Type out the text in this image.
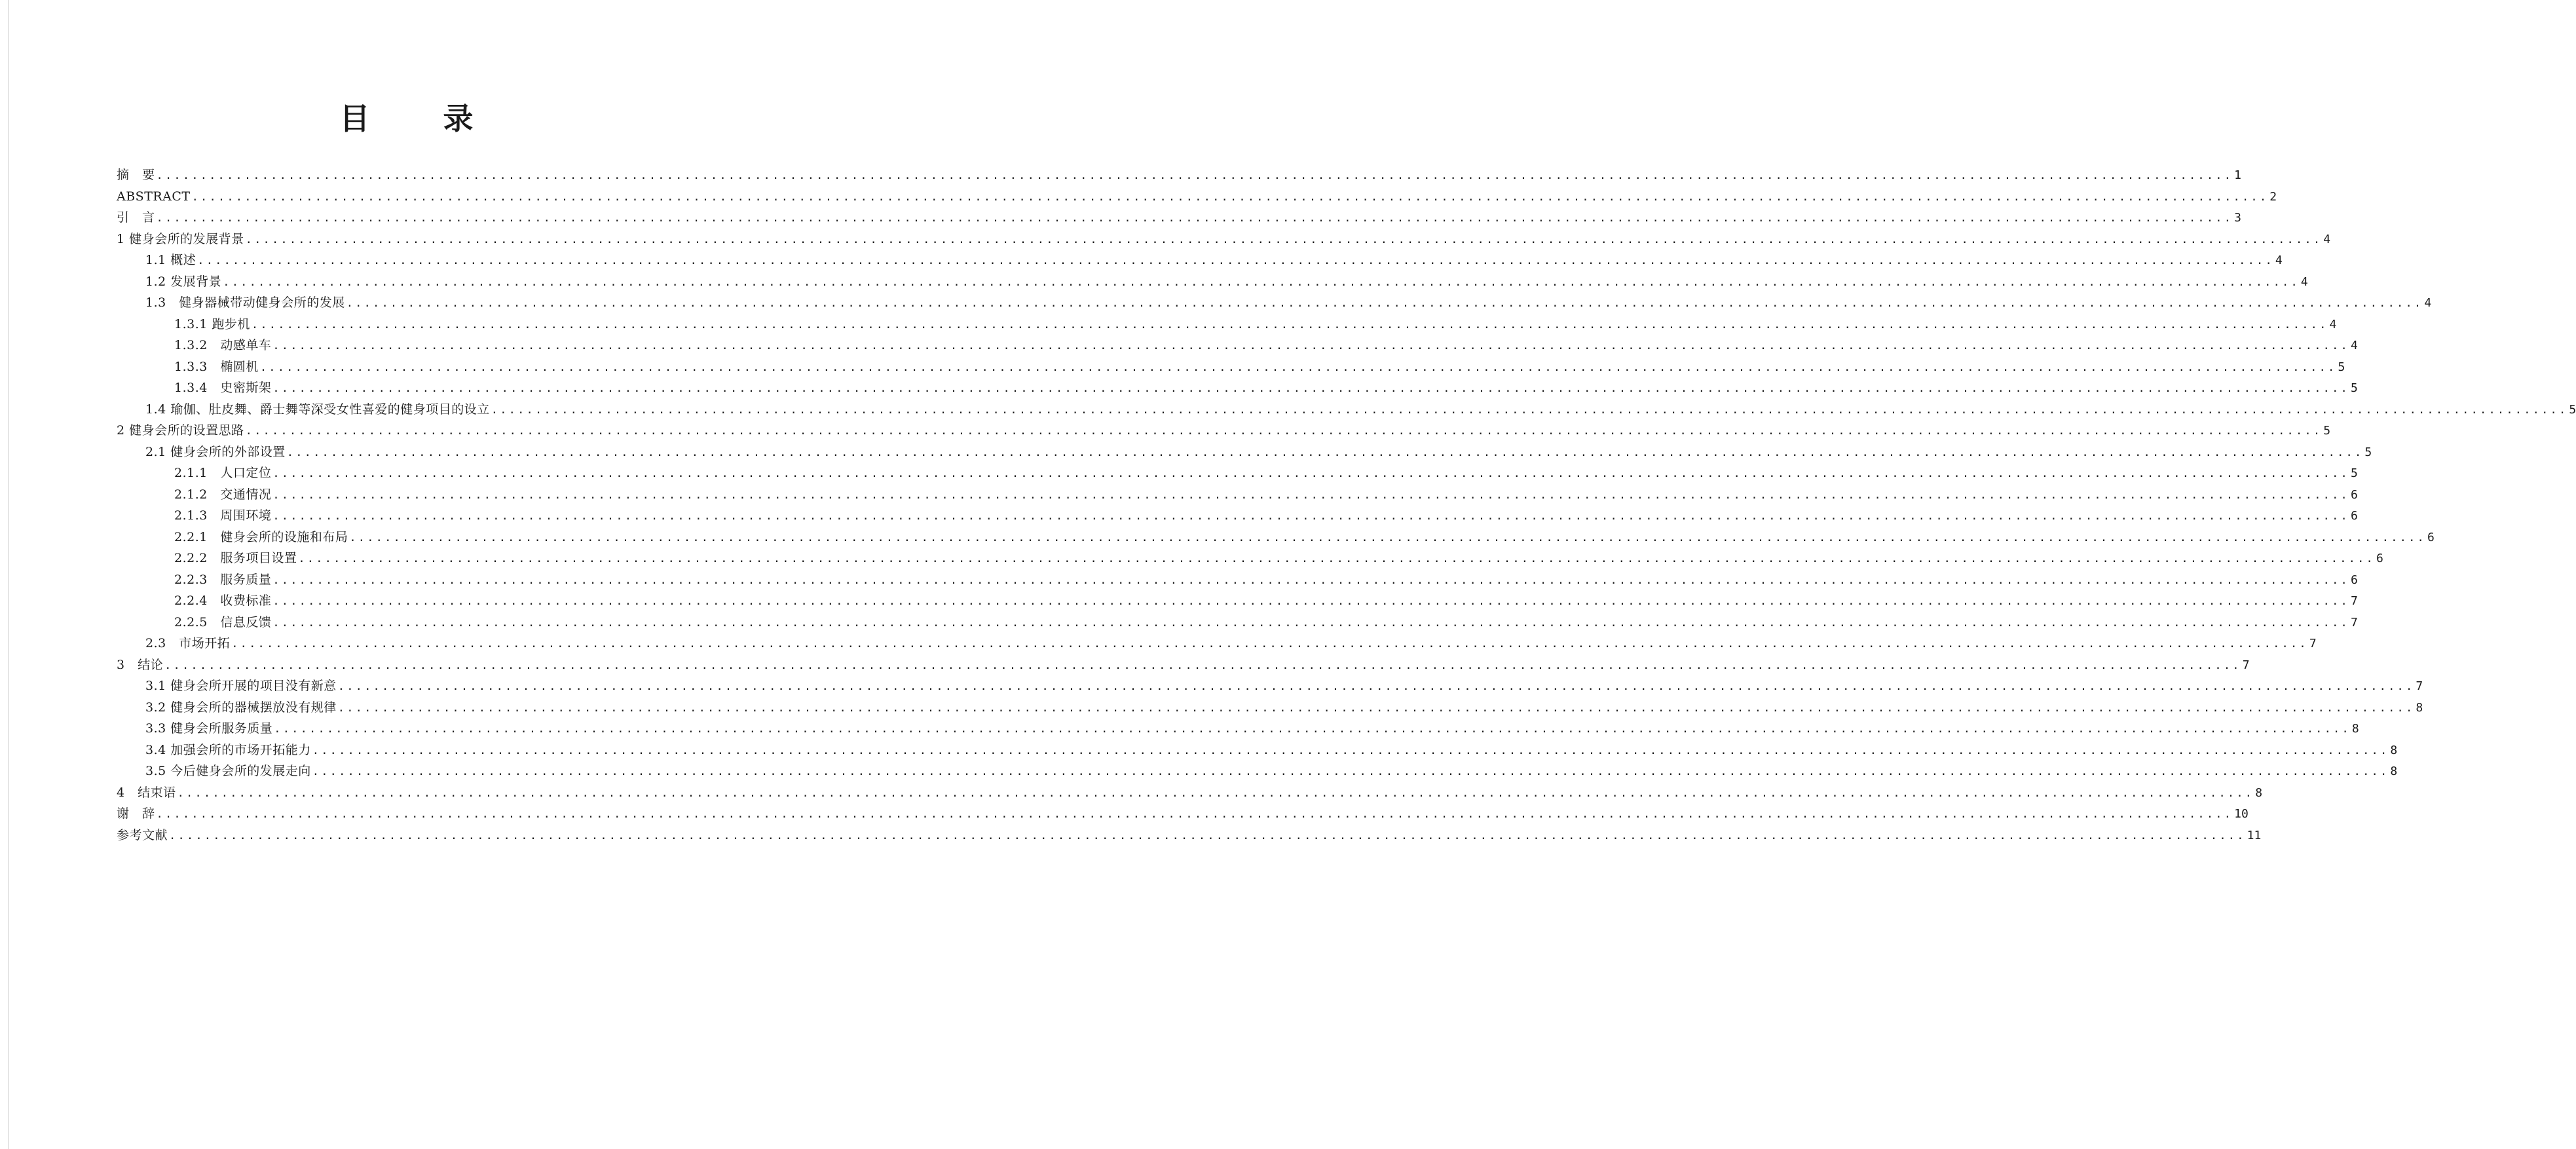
目 录
摘　要 ............................................................................................................................................................................................................................................ 1
ABSTRACT ............................................................................................................................................................................................................................................ 2
引　言 ............................................................................................................................................................................................................................................ 3
1 健身会所的发展背景 ............................................................................................................................................................................................................................................ 4
1.1 概述 ............................................................................................................................................................................................................................................ 4
1.2 发展背景 ............................................................................................................................................................................................................................................ 4
1.3　健身器械带动健身会所的发展 ............................................................................................................................................................................................................................................ 4
1.3.1 跑步机 ............................................................................................................................................................................................................................................ 4
1.3.2　动感单车 ............................................................................................................................................................................................................................................ 4
1.3.3　椭圆机 ............................................................................................................................................................................................................................................ 5
1.3.4　史密斯架 ............................................................................................................................................................................................................................................ 5
1.4 瑜伽、肚皮舞、爵士舞等深受女性喜爱的健身项目的设立 ............................................................................................................................................................................................................................................ 5
2 健身会所的设置思路 ............................................................................................................................................................................................................................................ 5
2.1 健身会所的外部设置 ............................................................................................................................................................................................................................................ 5
2.1.1　人口定位 ............................................................................................................................................................................................................................................ 5
2.1.2　交通情况 ............................................................................................................................................................................................................................................ 6
2.1.3　周围环境 ............................................................................................................................................................................................................................................ 6
2.2.1　健身会所的设施和布局 ............................................................................................................................................................................................................................................ 6
2.2.2　服务项目设置 ............................................................................................................................................................................................................................................ 6
2.2.3　服务质量 ............................................................................................................................................................................................................................................ 6
2.2.4　收费标准 ............................................................................................................................................................................................................................................ 7
2.2.5　信息反馈 ............................................................................................................................................................................................................................................ 7
2.3　市场开拓 ............................................................................................................................................................................................................................................ 7
3　结论 ............................................................................................................................................................................................................................................ 7
3.1 健身会所开展的项目没有新意 ............................................................................................................................................................................................................................................ 7
3.2 健身会所的器械摆放没有规律 ............................................................................................................................................................................................................................................ 8
3.3 健身会所服务质量 ............................................................................................................................................................................................................................................ 8
3.4 加强会所的市场开拓能力 ............................................................................................................................................................................................................................................ 8
3.5 今后健身会所的发展走向 ............................................................................................................................................................................................................................................ 8
4　结束语 ............................................................................................................................................................................................................................................ 8
谢　辞 ............................................................................................................................................................................................................................................ 10
参考文献 ............................................................................................................................................................................................................................................ 11
